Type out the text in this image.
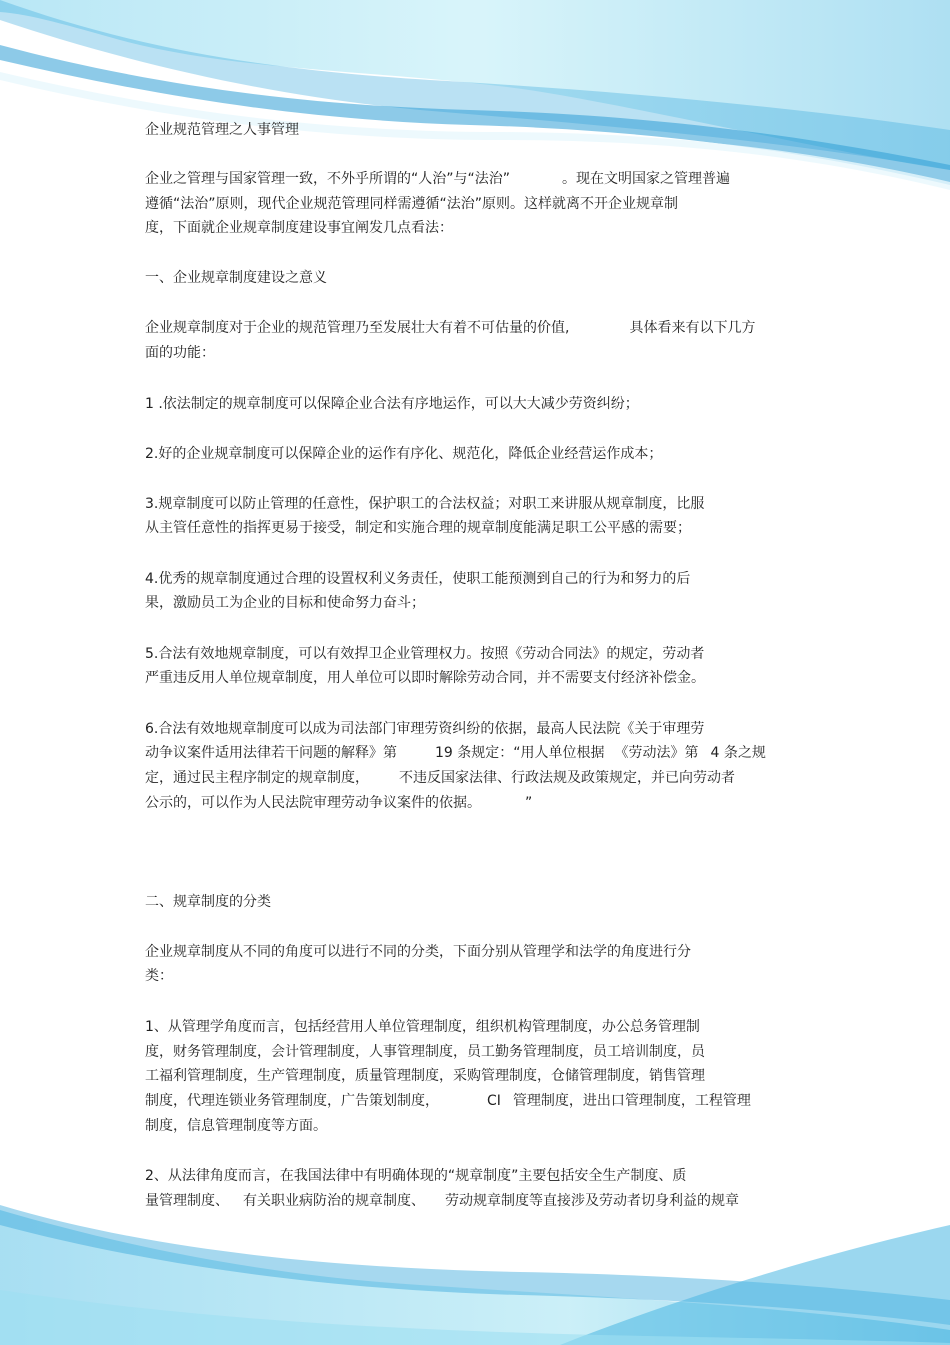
企业规范管理之人事管理
企业之管理与国家管理一致，不外乎所谓的“人治”与“法治”	。现在文明国家之管理普遍
遵循“法治”原则，现代企业规范管理同样需遵循“法治”原则。这样就离不开企业规章制
度，下面就企业规章制度建设事宜阐发几点看法：
一、企业规章制度建设之意义
企业规章制度对于企业的规范管理乃至发展壮大有着不可估量的价值,	具体看来有以下几方
面的功能：
1 .依法制定的规章制度可以保障企业合法有序地运作，可以大大减少劳资纠纷；
2.好的企业规章制度可以保障企业的运作有序化、规范化，降低企业经营运作成本；
3.规章制度可以防止管理的任意性，保护职工的合法权益；对职工来讲服从规章制度，比服
从主管任意性的指挥更易于接受，制定和实施合理的规章制度能满足职工公平感的需要；
4.优秀的规章制度通过合理的设置权利义务责任，使职工能预测到自己的行为和努力的后
果，激励员工为企业的目标和使命努力奋斗；
5.合法有效地规章制度，可以有效捍卫企业管理权力。按照《劳动合同法》的规定，劳动者
严重违反用人单位规章制度，用人单位可以即时解除劳动合同，并不需要支付经济补偿金。
6.合法有效地规章制度可以成为司法部门审理劳资纠纷的依据，最高人民法院《关于审理劳
动争议案件适用法律若干问题的解释》第	19 条规定：“用人单位根据 《劳动法》第 4 条之规
定，通过民主程序制定的规章制度， 不违反国家法律、行政法规及政策规定，并已向劳动者
公示的，可以作为人民法院审理劳动争议案件的依据。	”
二、规章制度的分类
企业规章制度从不同的角度可以进行不同的分类，下面分别从管理学和法学的角度进行分
类：
1、从管理学角度而言，包括经营用人单位管理制度，组织机构管理制度，办公总务管理制
度，财务管理制度，会计管理制度，人事管理制度，员工勤务管理制度，员工培训制度，员
工福利管理制度，生产管理制度，质量管理制度，采购管理制度，仓储管理制度，销售管理
制度，代理连锁业务管理制度，广告策划制度，	CI 管理制度，进出口管理制度，工程管理
制度，信息管理制度等方面。
2、从法律角度而言，在我国法律中有明确体现的“规章制度”主要包括安全生产制度、质
量管理制度、 有关职业病防治的规章制度、 劳动规章制度等直接涉及劳动者切身利益的规章
